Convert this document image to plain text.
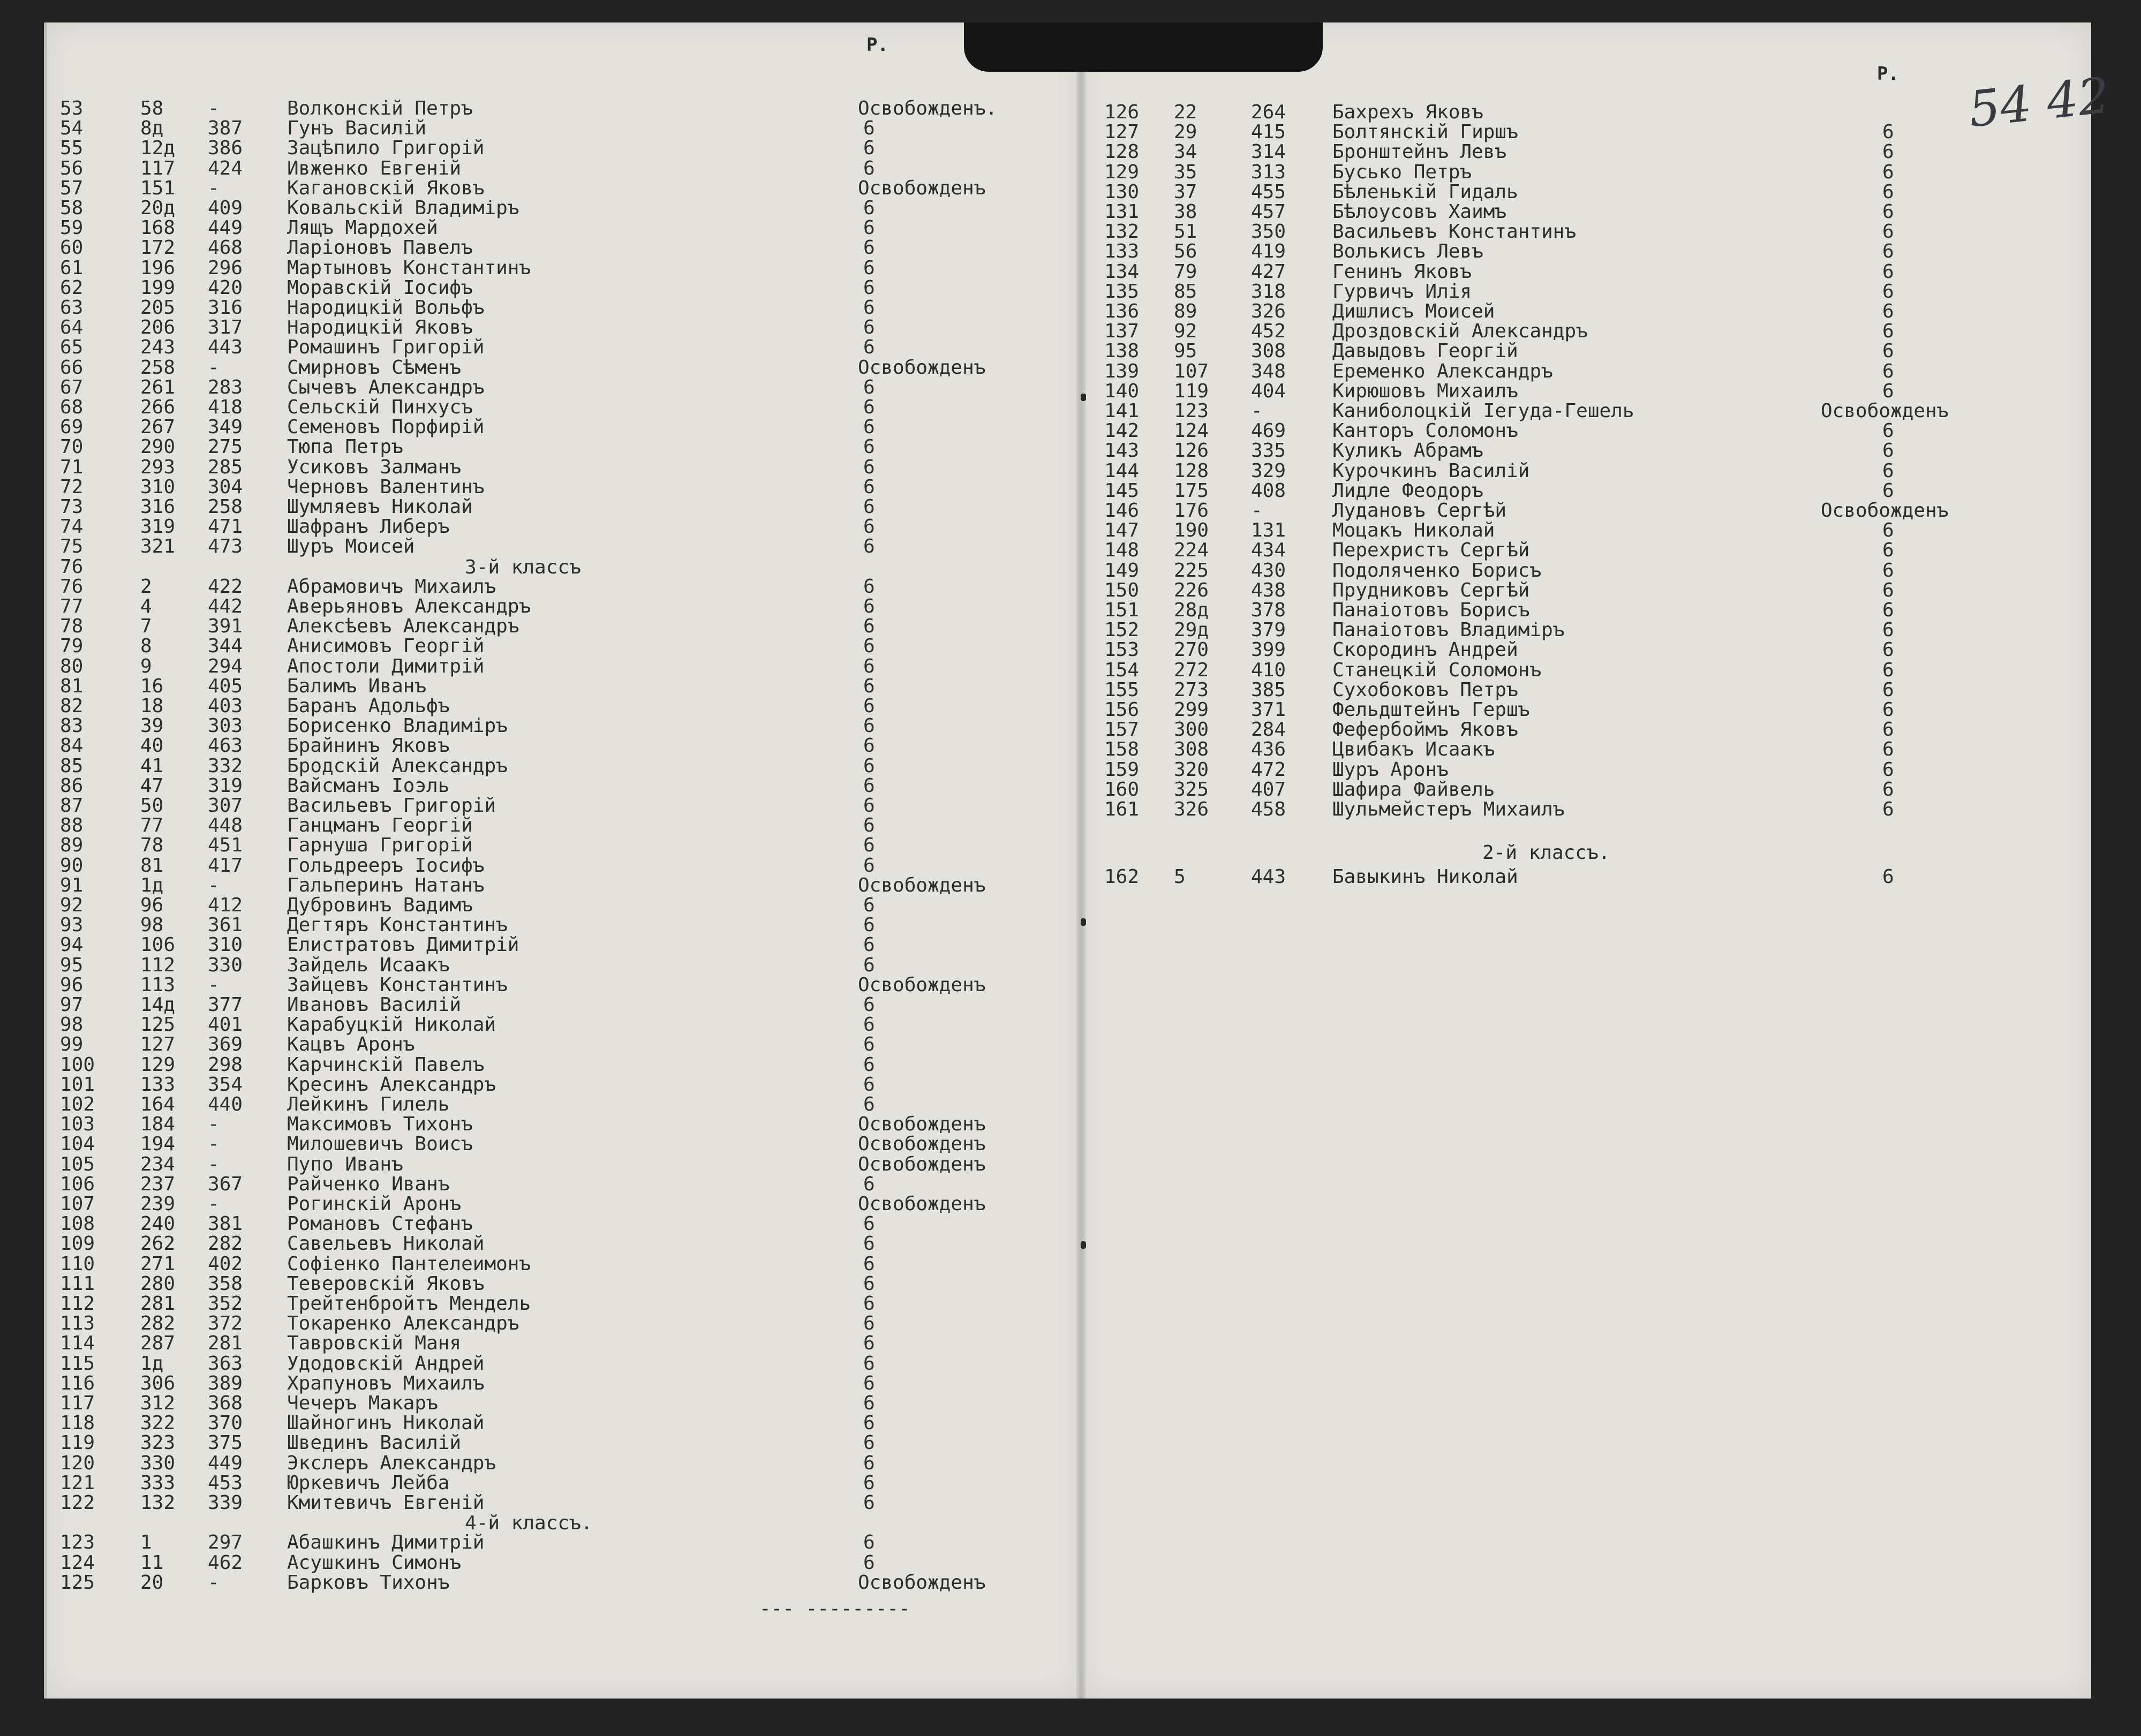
P.
P. 54 42
53	58 -	Волконскій Петръ	Освобожденъ.
54	8д 387 Гунъ Василій	6
55	12д 386 Зацѣпило Григорій	6
56	117 424 Ивженко Евгеній	6
57	151 -	Кагановскій Яковъ	Освобожденъ
58	20д 409 Ковальскій Владиміръ	6
59	168 449 Лящъ Мардохей	6
60	172 468 Ларіоновъ Павелъ	6
61	196 296 Мартыновъ Константинъ	6
62	199 420 Моравскій Іосифъ	6
63	205 316 Народицкій Вольфъ	6
64	206 317 Народицкій Яковъ	6
65	243 443 Ромашинъ Григорій	6
66	258 -	Смирновъ Сѣменъ	Освобожденъ
67	261 283 Сычевъ Александръ	6
68	266 418 Сельскій Пинхусъ	6
69	267 349 Семеновъ Порфирій	6
70	290 275 Тюпа Петръ	6
71	293 285 Усиковъ Залманъ	6
72	310 304 Черновъ Валентинъ	6
73	316 258 Шумляевъ Николай	6
74	319 471 Шафранъ Либеръ	6
75	321 473 Шуръ Моисей	6
76	3-й классъ
76	2	422 Абрамовичъ Михаилъ	6
77	4	442 Аверьяновъ Александръ	6
78	7	391 Алексѣевъ Александръ	6
79	8	344 Анисимовъ Георгій	6
80	9	294 Апостоли Димитрій	6
81	16 405 Балимъ Иванъ	6
82	18 403 Баранъ Адольфъ	6
83	39 303 Борисенко Владиміръ	6
84	40 463 Брайнинъ Яковъ	6
85	41 332 Бродскій Александръ	6
86	47 319 Вайсманъ Іоэль	6
87	50 307 Васильевъ Григорій	6
88	77 448 Ганцманъ Георгій	6
89	78 451 Гарнуша Григорій	6
90	81 417 Гольдрееръ Іосифъ	6
91	1д -	Гальперинъ Натанъ	Освобожденъ
92	96 412 Дубровинъ Вадимъ	6
93	98 361 Дегтяръ Константинъ	6
94	106 310 Елистратовъ Димитрій	6
95	112 330 Зайдель Исаакъ	6
96	113 -	Зайцевъ Константинъ	Освобожденъ
97	14д 377 Ивановъ Василій	6
98	125 401 Карабуцкій Николай	6
99	127 369 Кацвъ Аронъ	6
100 129 298 Карчинскій Павелъ	6
101 133 354 Кресинъ Александръ	6
102 164 440 Лейкинъ Гилель	6
103 184 -	Максимовъ Тихонъ	Освобожденъ
104 194 -	Милошевичъ Воисъ	Освобожденъ
105 234 -	Пупо Иванъ	Освобожденъ
106 237 367 Райченко Иванъ	6
107 239 -	Рогинскій Аронъ	Освобожденъ
108 240 381 Романовъ Стефанъ	6
109 262 282 Савельевъ Николай	6
110 271 402 Софіенко Пантелеимонъ	6
111 280 358 Теверовскій Яковъ	6
112 281 352 Трейтенбройтъ Мендель	6
113 282 372 Токаренко Александръ	6
114 287 281 Тавровскій Маня	6
115 1д 363 Удодовскій Андрей	6
116 306 389 Храпуновъ Михаилъ	6
117 312 368 Чечеръ Макаръ	6
118 322 370 Шайногинъ Николай	6
119 323 375 Швединъ Василій	6
120 330 449 Экслеръ Александръ	6
121 333 453 Юркевичъ Лейба	6
122 132 339 Кмитевичъ Евгеній	6
4-й классъ.
123 1	297 Абашкинъ Димитрій	6
124 11 462 Асушкинъ Симонъ	6
125 20 -	Барковъ Тихонъ	Освобожденъ
126 22	264 Бахрехъ Яковъ
127 29	415 Болтянскій Гиршъ	6
128 34	314 Бронштейнъ Левъ	6
129 35	313 Бусько Петръ	6
130 37	455 Бѣленькій Гидаль	6
131 38	457 Бѣлоусовъ Хаимъ	6
132 51	350 Васильевъ Константинъ	6
133 56	419 Волькисъ Левъ	6
134 79	427 Генинъ Яковъ	6
135 85	318 Гурвичъ Илія	6
136 89	326 Дишлисъ Моисей	6
137 92	452 Дроздовскій Александръ	6
138 95	308 Давыдовъ Георгій	6
139 107 348 Еременко Александръ	6
140 119 404 Кирюшовъ Михаилъ	6
141 123 -	Каниболоцкій Іегуда-Гешель	Освобожденъ
142 124 469 Канторъ Соломонъ	6
143 126 335 Куликъ Абрамъ	6
144 128 329 Курочкинъ Василій	6
145 175 408 Лидле Феодоръ	6
146 176 -	Лудановъ Сергѣй	Освобожденъ
147 190 131 Моцакъ Николай	6
148 224 434 Перехристъ Сергѣй	6
149 225 430 Подоляченко Борисъ	6
150 226 438 Прудниковъ Сергѣй	6
151 28д 378 Панаіотовъ Борисъ	6
152 29д 379 Панаіотовъ Владиміръ	6
153 270 399 Скородинъ Андрей	6
154 272 410 Станецкій Соломонъ	6
155 273 385 Сухобоковъ Петръ	6
156 299 371 Фельдштейнъ Гершъ	6
157 300 284 Фефербоймъ Яковъ	6
158 308 436 Цвибакъ Исаакъ	6
159 320 472 Шуръ Аронъ	6
160 325 407 Шафира Файвель	6
161 326 458 Шульмейстеръ Михаилъ	6
2-й классъ.
162 5	443 Бавыкинъ Николай	6
--- ---------
